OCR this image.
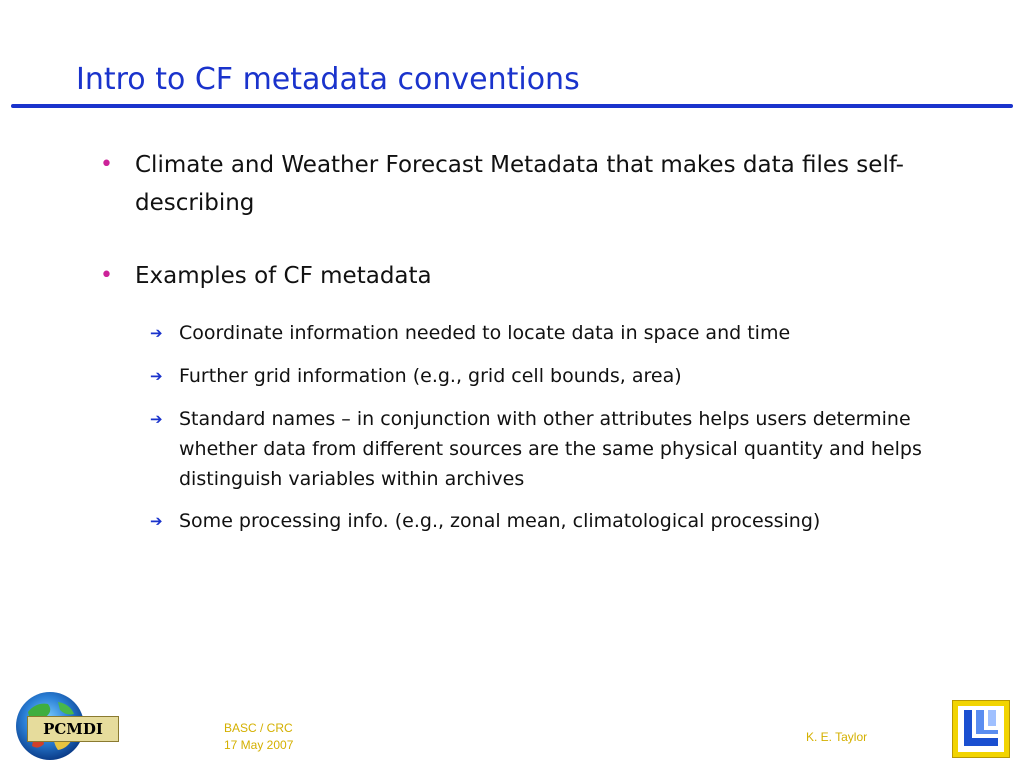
Intro to CF metadata conventions
• Climate and Weather Forecast Metadata that makes data files self-describing
• Examples of CF metadata
➔ Coordinate information needed to locate data in space and time
➔ Further grid information (e.g., grid cell bounds, area)
➔ Standard names – in conjunction with other attributes helps users determine whether data from different sources are the same physical quantity and helps distinguish variables within archives
➔ Some processing info. (e.g., zonal mean, climatological processing)
PCMDI	BASC / CRC
17 May 2007
K. E. Taylor
